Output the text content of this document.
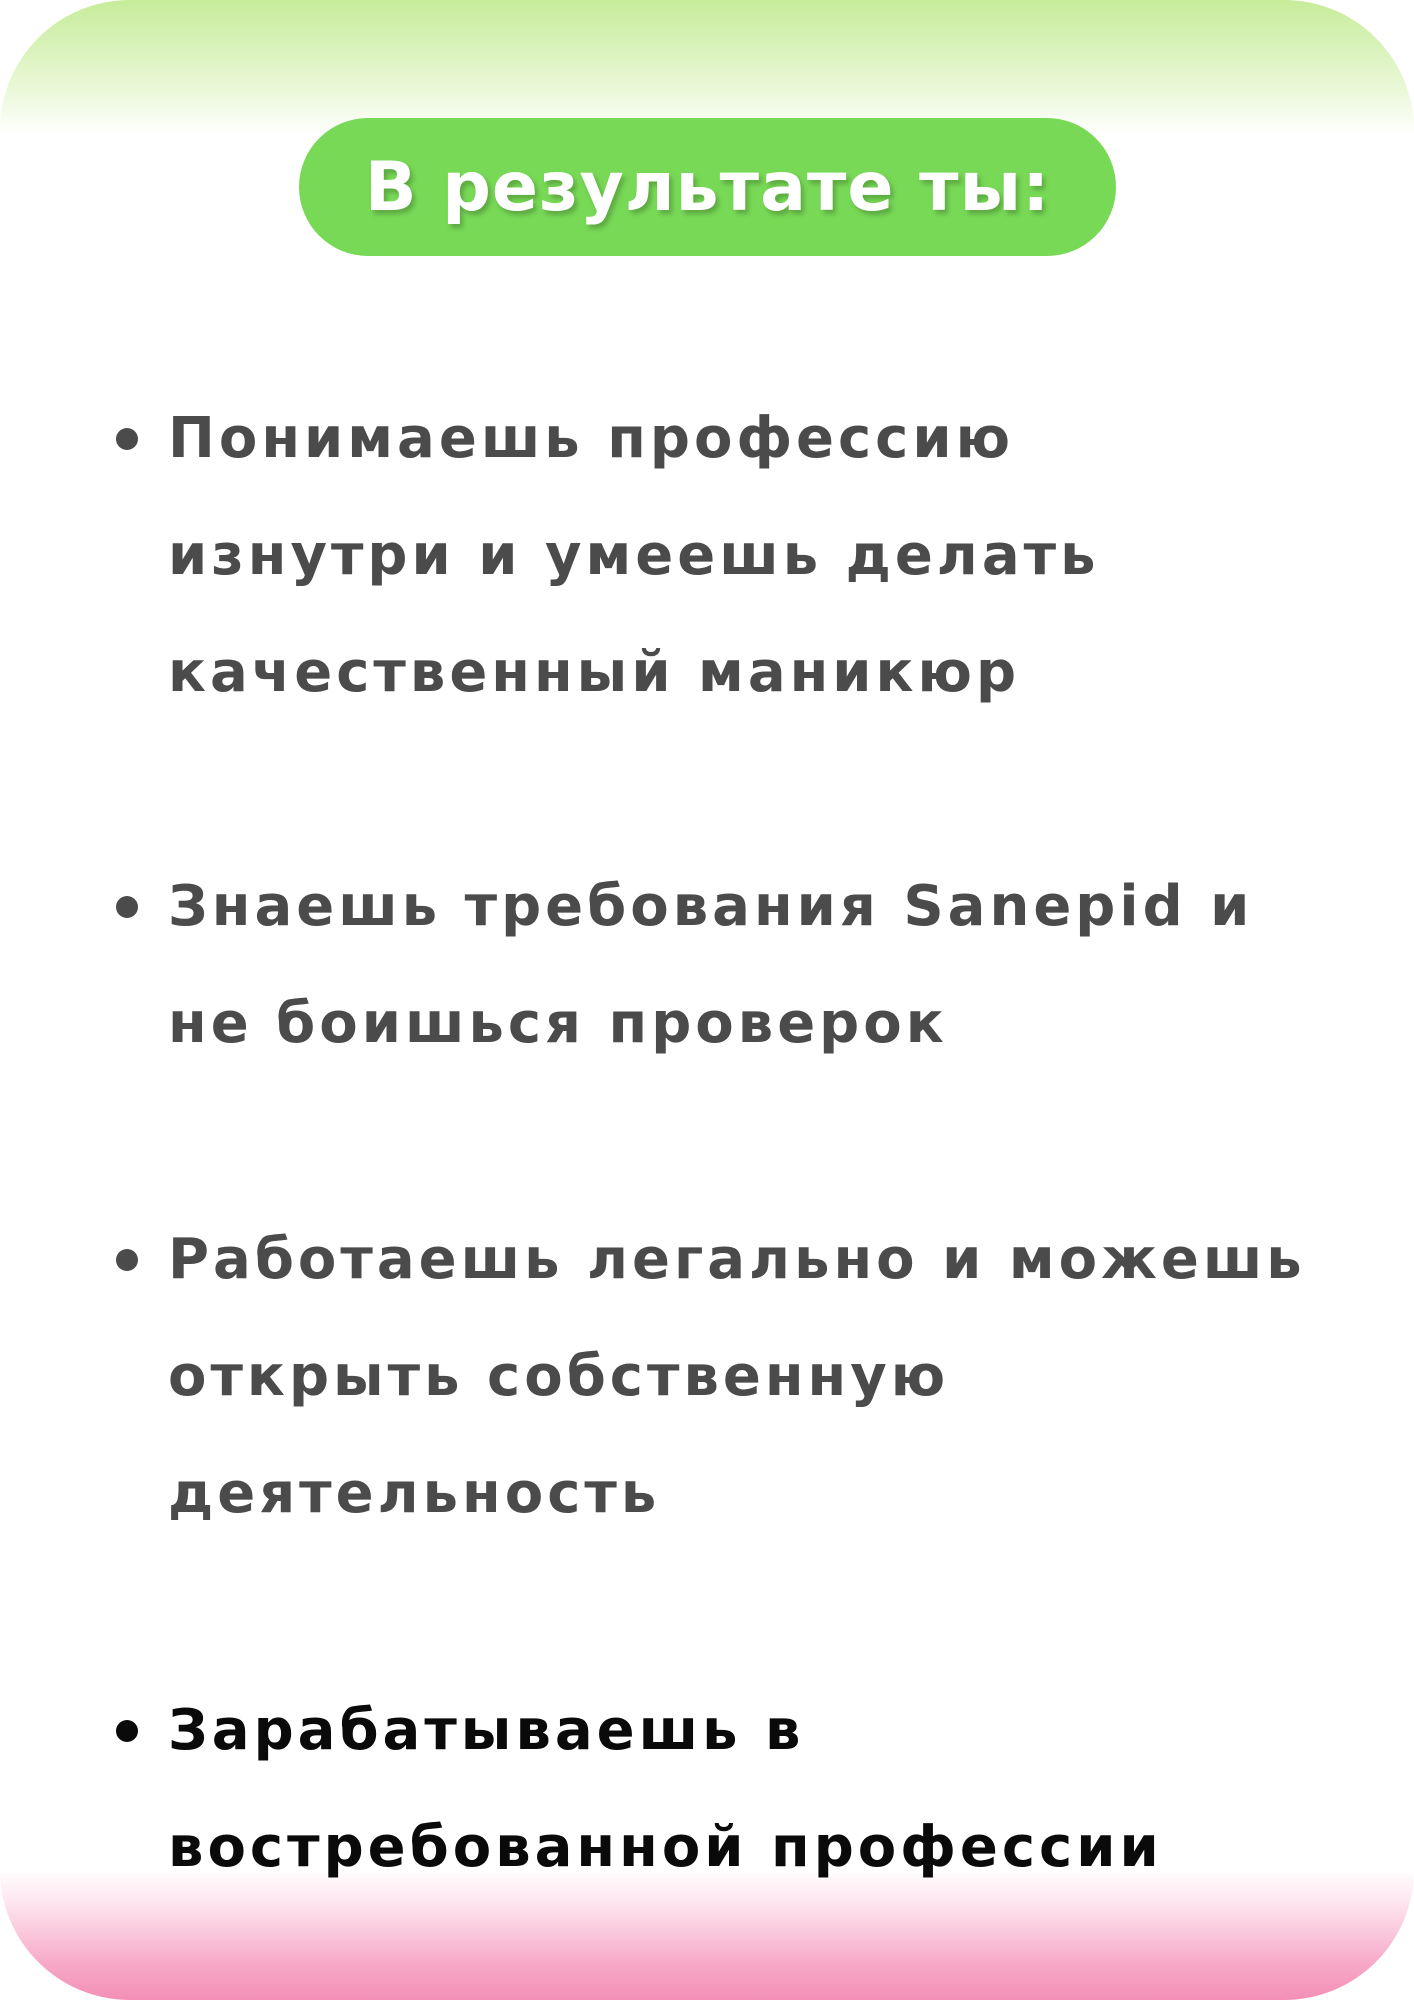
В результате ты:
Понимаешь профессию
изнутри и умеешь делать
качественный маникюр
Знаешь требования Sanepid и
не боишься проверок
Работаешь легально и можешь
открыть собственную
деятельность
Зарабатываешь в
востребованной профессии
